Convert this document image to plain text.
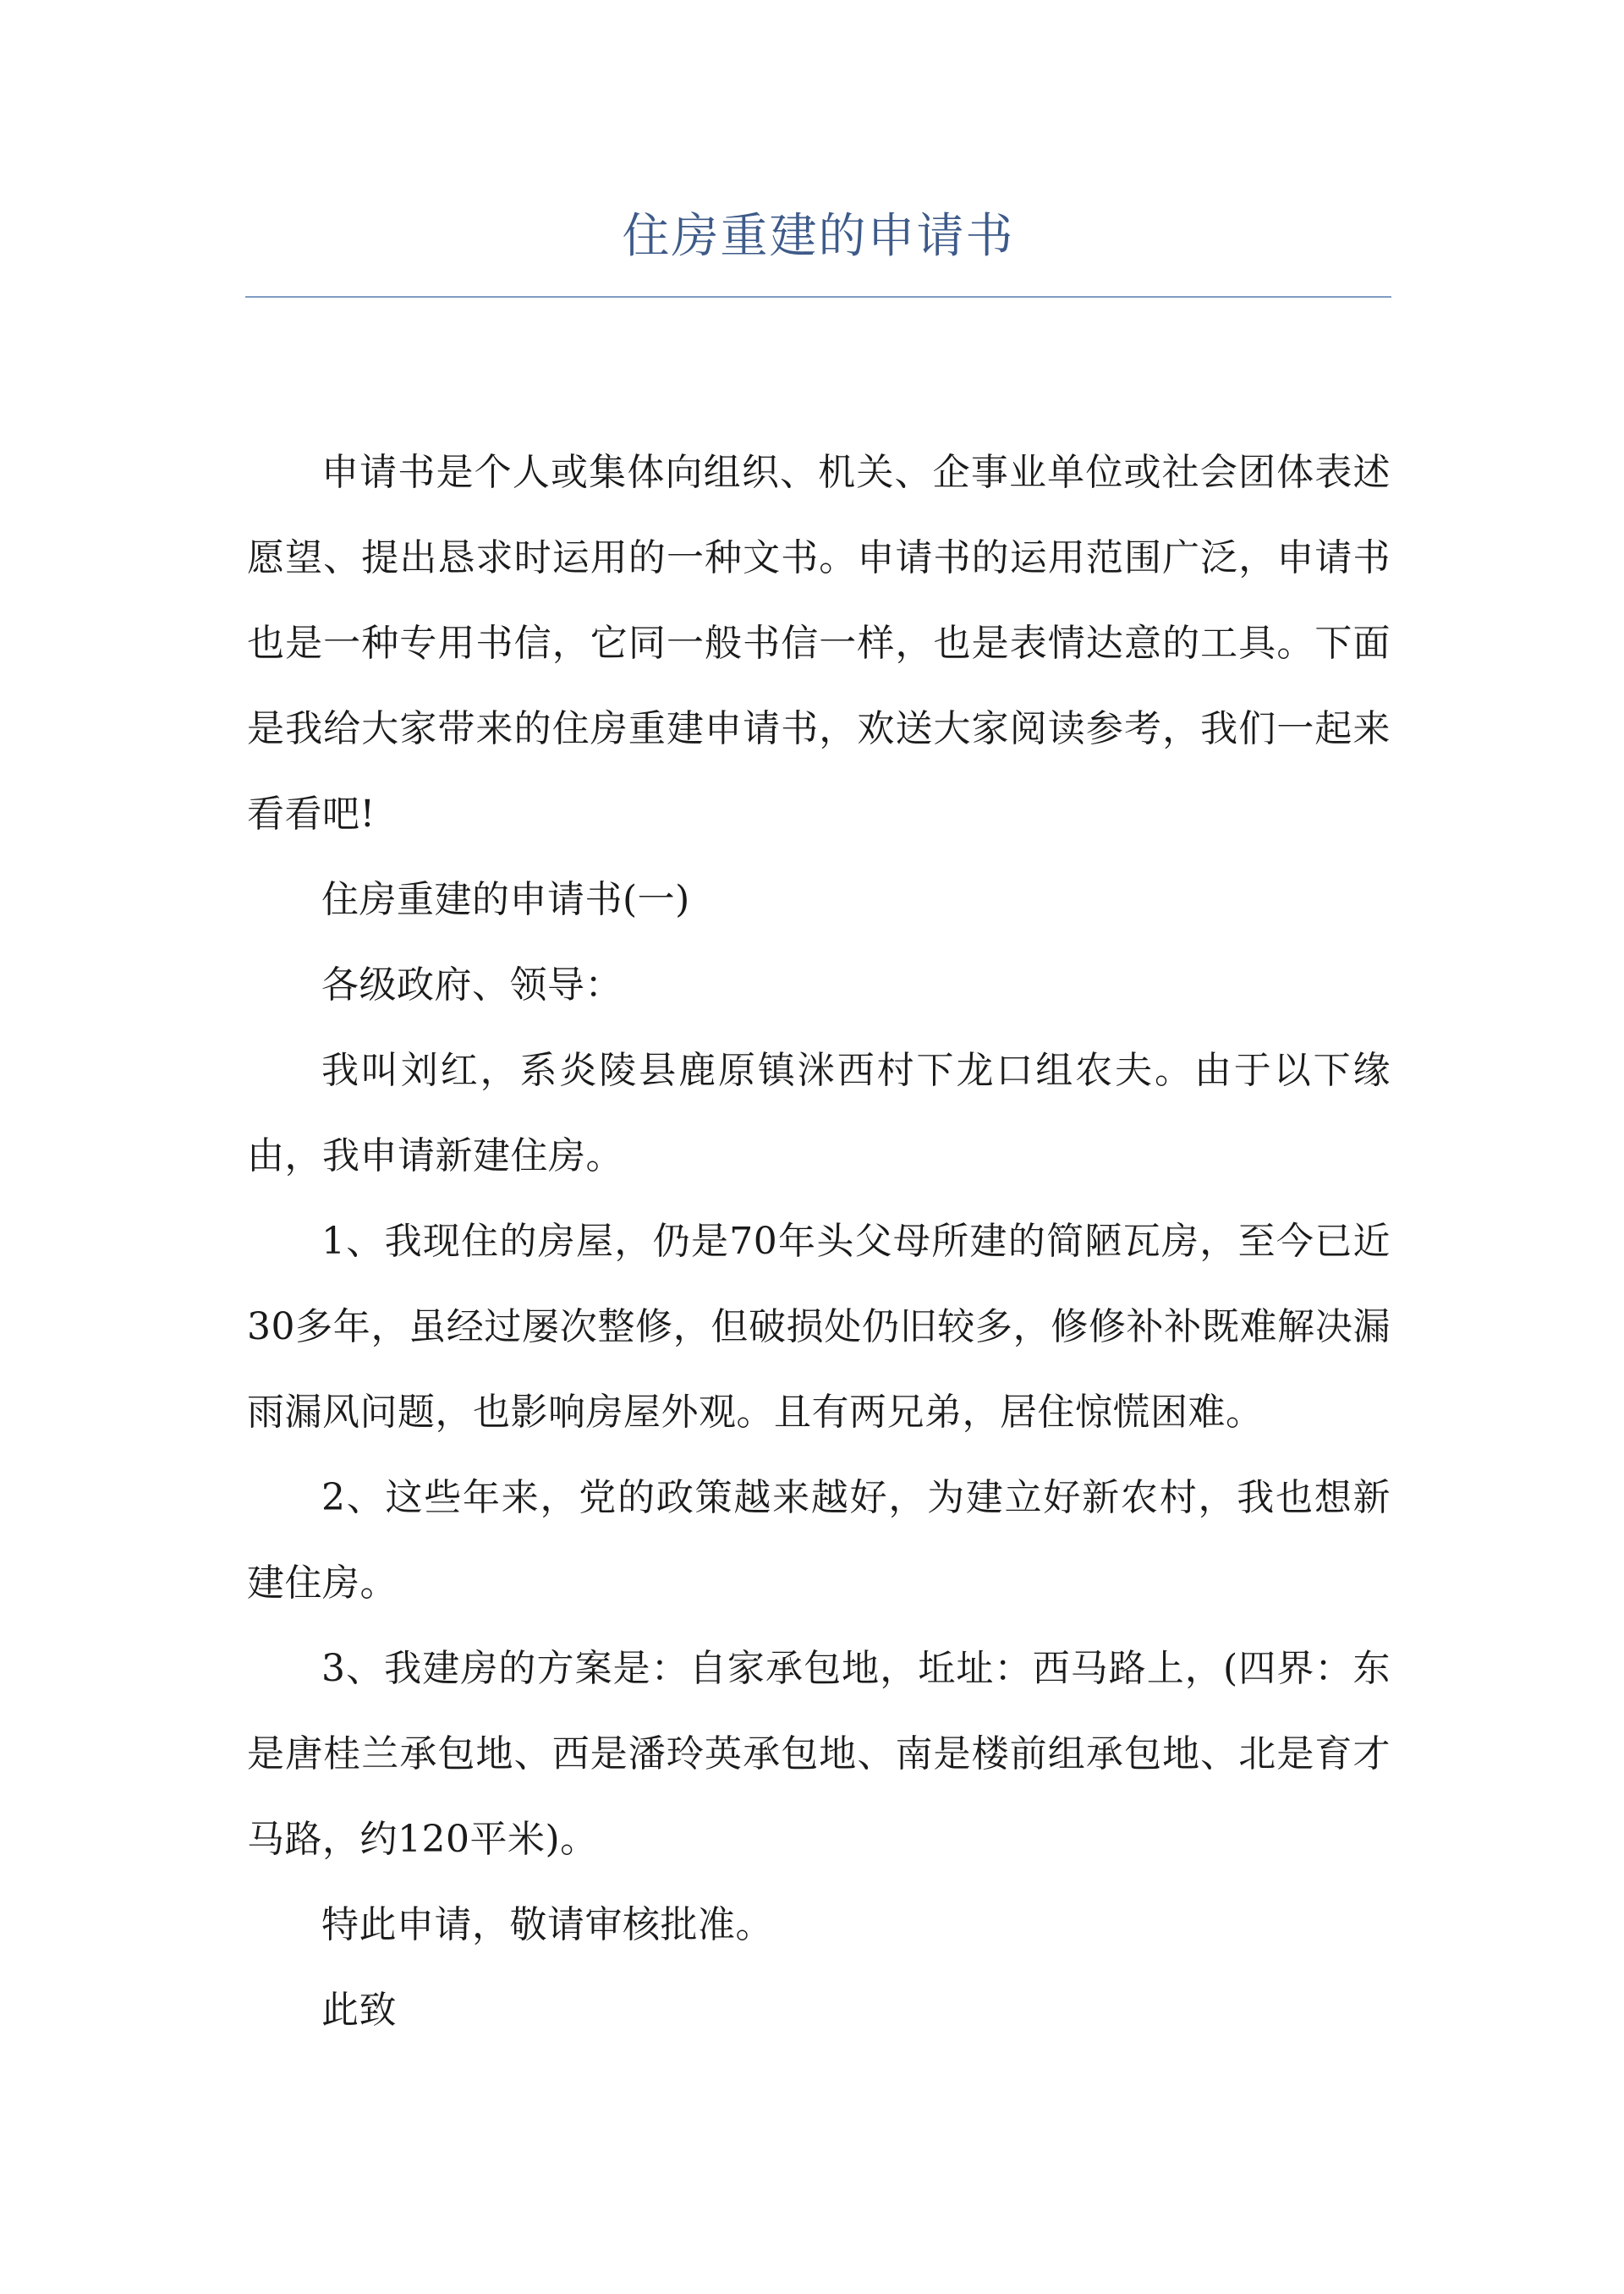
住房重建的申请书

申请书是个人或集体向组织、机关、企事业单位或社会团体表述愿望、提出恳求时运用的一种文书。申请书的运用范围广泛，申请书也是一种专用书信，它同一般书信一样，也是表情达意的工具。下面是我给大家带来的住房重建申请书，欢送大家阅读参考，我们一起来看看吧!

住房重建的申请书(一)

各级政府、领导：

我叫刘红，系炎陵县鹿原镇洣西村下龙口组农夫。由于以下缘由，我申请新建住房。

1、我现住的房屋，仍是70年头父母所建的简陋瓦房，至今已近30多年，虽经过屡次整修，但破损处仍旧较多，修修补补既难解决漏雨漏风问题，也影响房屋外观。且有两兄弟，居住惊慌困难。

2、这些年来，党的政策越来越好，为建立好新农村，我也想新建住房。

3、我建房的方案是：自家承包地，坵址：西马路上，(四界：东是唐桂兰承包地、西是潘玲英承包地、南是楼前组承包地、北是育才马路，约120平米)。

特此申请，敬请审核批准。

此致
